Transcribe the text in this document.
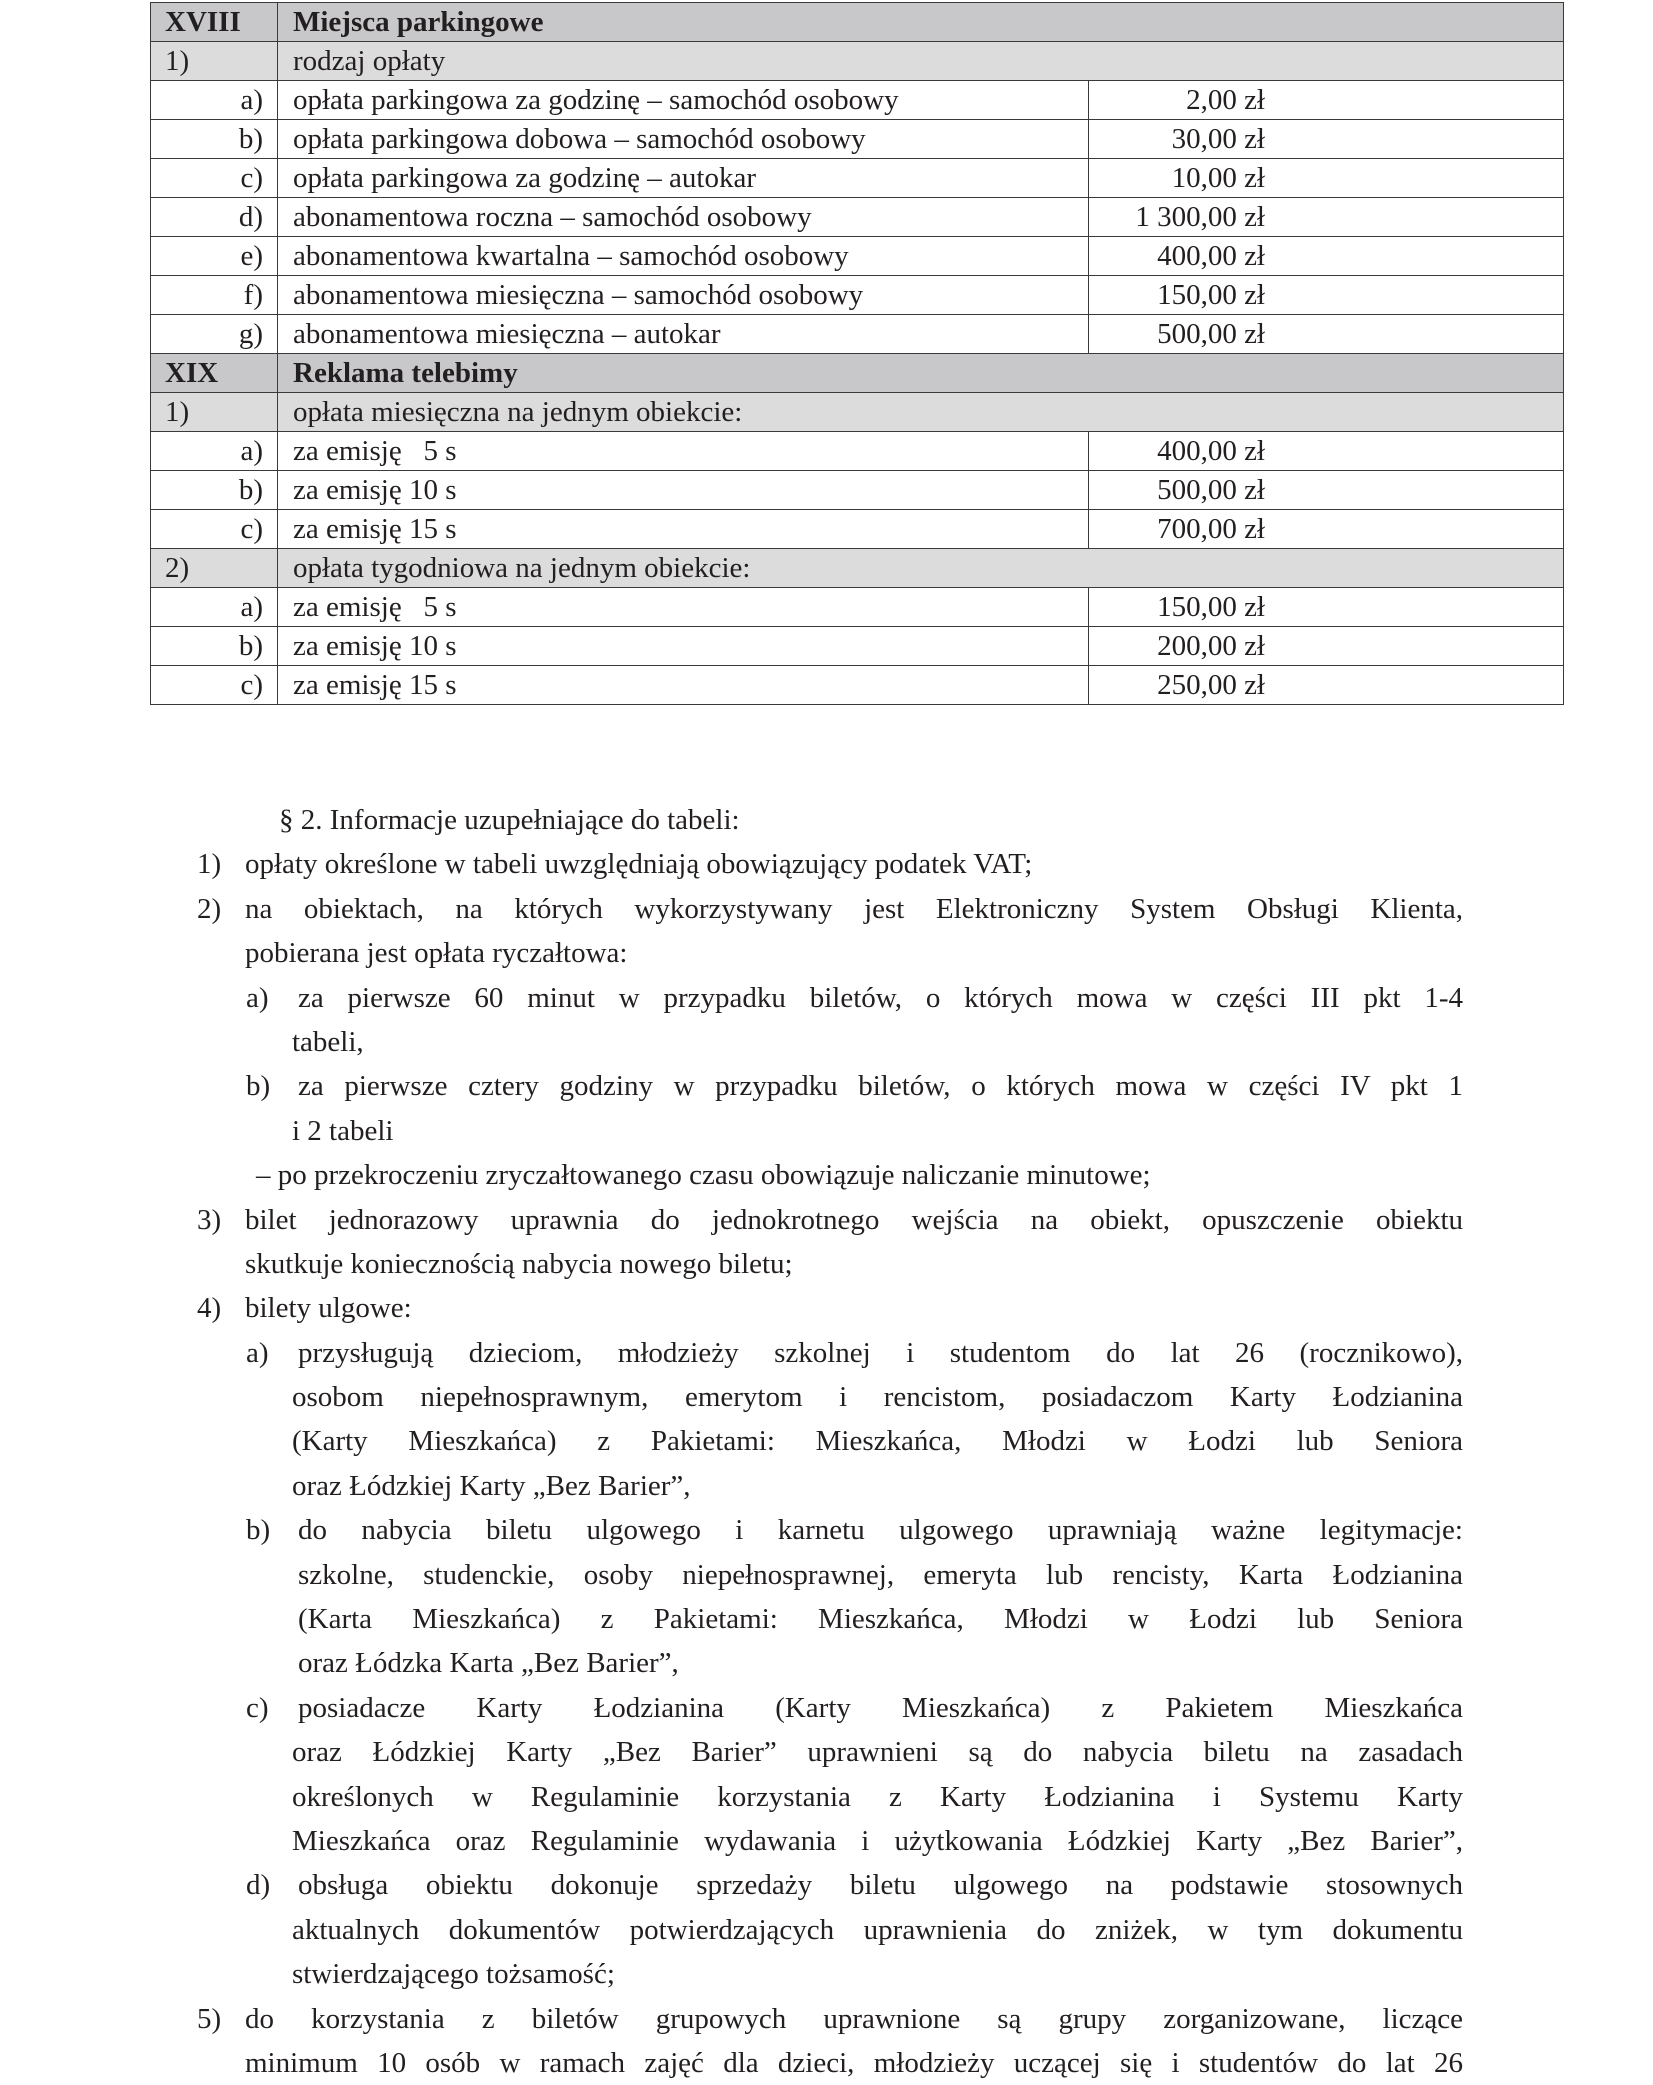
XVIII	Miejsca parkingowe	
1)	rodzaj opłaty	
a)	opłata parkingowa za godzinę – samochód osobowy	2,00 zł
b)	opłata parkingowa dobowa – samochód osobowy	30,00 zł
c)	opłata parkingowa za godzinę – autokar	10,00 zł
d)	abonamentowa roczna – samochód osobowy	1 300,00 zł
e)	abonamentowa kwartalna – samochód osobowy	400,00 zł
f)	abonamentowa miesięczna – samochód osobowy	150,00 zł
g)	abonamentowa miesięczna – autokar	500,00 zł
XIX	Reklama telebimy	
1)	opłata miesięczna na jednym obiekcie:	
a)	za emisję   5 s	400,00 zł
b)	za emisję 10 s	500,00 zł
c)	za emisję 15 s	700,00 zł
2)	opłata tygodniowa na jednym obiekcie:	
a)	za emisję   5 s	150,00 zł
b)	za emisję 10 s	200,00 zł
c)	za emisję 15 s	250,00 zł
§ 2. Informacje uzupełniające do tabeli:
1) opłaty określone w tabeli uwzględniają obowiązujący podatek VAT;
2) na obiektach, na których wykorzystywany jest Elektroniczny System Obsługi Klienta,
pobierana jest opłata ryczałtowa:
a) za pierwsze 60 minut w przypadku biletów, o których mowa w części III pkt 1-4
tabeli,
b) za pierwsze cztery godziny w przypadku biletów, o których mowa w części IV pkt 1
i 2 tabeli
– po przekroczeniu zryczałtowanego czasu obowiązuje naliczanie minutowe;
3) bilet jednorazowy uprawnia do jednokrotnego wejścia na obiekt, opuszczenie obiektu
skutkuje koniecznością nabycia nowego biletu;
4) bilety ulgowe:
a) przysługują dzieciom, młodzieży szkolnej i studentom do lat 26 (rocznikowo),
osobom niepełnosprawnym, emerytom i rencistom, posiadaczom Karty Łodzianina
(Karty Mieszkańca) z Pakietami: Mieszkańca, Młodzi w Łodzi lub Seniora
oraz Łódzkiej Karty „Bez Barier”,
b) do nabycia biletu ulgowego i karnetu ulgowego uprawniają ważne legitymacje:
szkolne, studenckie, osoby niepełnosprawnej, emeryta lub rencisty, Karta Łodzianina
(Karta Mieszkańca) z Pakietami: Mieszkańca, Młodzi w Łodzi lub Seniora
oraz Łódzka Karta „Bez Barier”,
c) posiadacze Karty Łodzianina (Karty Mieszkańca) z Pakietem Mieszkańca
oraz Łódzkiej Karty „Bez Barier” uprawnieni są do nabycia biletu na zasadach
określonych w Regulaminie korzystania z Karty Łodzianina i Systemu Karty
Mieszkańca oraz Regulaminie wydawania i użytkowania Łódzkiej Karty „Bez Barier”,
d) obsługa obiektu dokonuje sprzedaży biletu ulgowego na podstawie stosownych
aktualnych dokumentów potwierdzających uprawnienia do zniżek, w tym dokumentu
stwierdzającego tożsamość;
5) do korzystania z biletów grupowych uprawnione są grupy zorganizowane, liczące
minimum 10 osób w ramach zajęć dla dzieci, młodzieży uczącej się i studentów do lat 26
